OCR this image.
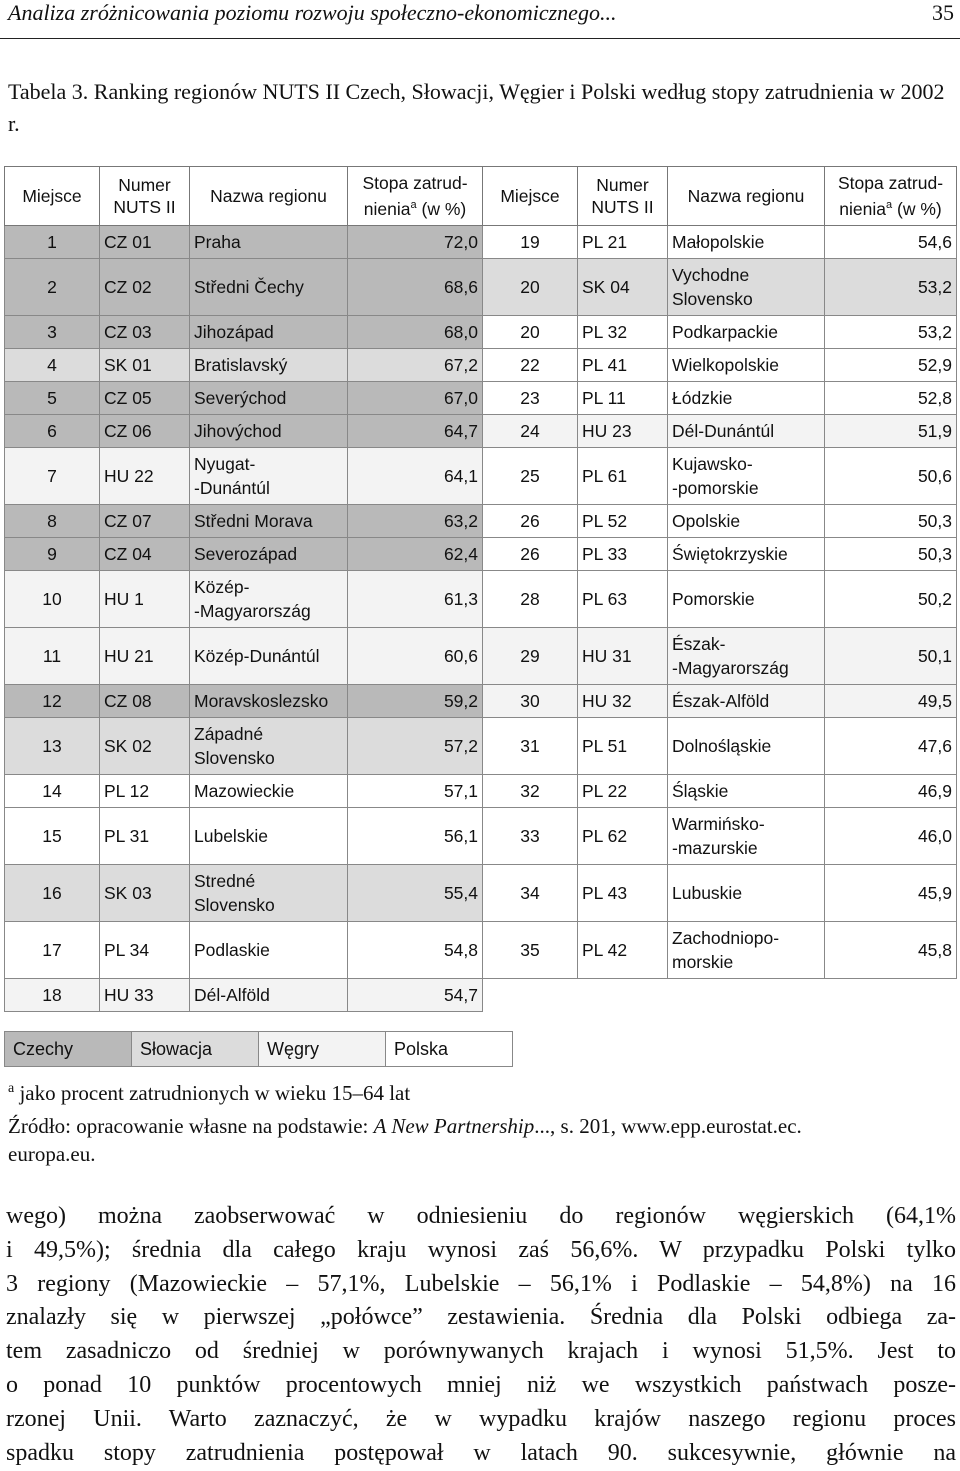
Analiza zróżnicowania poziomu rozwoju społeczno-ekonomicznego...	35
Tabela 3. Ranking regionów NUTS II Czech, Słowacji, Węgier i Polski według stopy zatrudnienia w 2002 r.
Miejsce	Numer NUTS II	Nazwa regionu	Stopa zatrud-
nienia$^a$ (w %)	Miejsce	Numer NUTS II	Nazwa regionu	Stopa zatrud-
nienia$^a$ (w %)
1	CZ 01	Praha	72,0	19	PL 21	Małopolskie	54,6
2	CZ 02	Středni Čechy	68,6	20	SK 04	Vychodne
Slovensko	53,2
3	CZ 03	Jihozápad	68,0	20	PL 32	Podkarpackie	53,2
4	SK 01	Bratislavský	67,2	22	PL 41	Wielkopolskie	52,9
5	CZ 05	Severýchod	67,0	23	PL 11	Łódzkie	52,8
6	CZ 06	Jihovýchod	64,7	24	HU 23	Dél-Dunántúl	51,9
7	HU 22	Nyugat-
-Dunántúl	64,1	25	PL 61	Kujawsko-
-pomorskie	50,6
8	CZ 07	Středni Morava	63,2	26	PL 52	Opolskie	50,3
9	CZ 04	Severozápad	62,4	26	PL 33	Świętokrzyskie	50,3
10	HU 1	Közép-
-Magyarország	61,3	28	PL 63	Pomorskie	50,2
11	HU 21	Közép-Dunántúl	60,6	29	HU 31	Észak-
-Magyarország	50,1
12	CZ 08	Moravskoslezsko	59,2	30	HU 32	Észak-Alföld	49,5
13	SK 02	Západné
Slovensko	57,2	31	PL 51	Dolnośląskie	47,6
14	PL 12	Mazowieckie	57,1	32	PL 22	Śląskie	46,9
15	PL 31	Lubelskie	56,1	33	PL 62	Warmińsko-
-mazurskie	46,0
16	SK 03	Stredné
Slovensko	55,4	34	PL 43	Lubuskie	45,9
17	PL 34	Podlaskie	54,8	35	PL 42	Zachodniopo-
morskie	45,8
18	HU 33	Dél-Alföld	54,7				
Czechy	Słowacja	Węgry	Polska
$^a$ jako procent zatrudnionych w wieku 15–64 lat
Źródło: opracowanie własne na podstawie: A New Partnership..., s. 201, www.epp.eurostat.ec.
europa.eu.
wego) można zaobserwować w odniesieniu do regionów węgierskich (64,1%
i 49,5%); średnia dla całego kraju wynosi zaś 56,6%. W przypadku Polski tylko
3 regiony (Mazowieckie – 57,1%, Lubelskie – 56,1% i Podlaskie – 54,8%) na 16
znalazły się w pierwszej „połówce” zestawienia. Średnia dla Polski odbiega za-
tem zasadniczo od średniej w porównywanych krajach i wynosi 51,5%. Jest to
o ponad 10 punktów procentowych mniej niż we wszystkich państwach posze-
rzonej Unii. Warto zaznaczyć, że w wypadku krajów naszego regionu proces
spadku stopy zatrudnienia postępował w latach 90. sukcesywnie, głównie na
